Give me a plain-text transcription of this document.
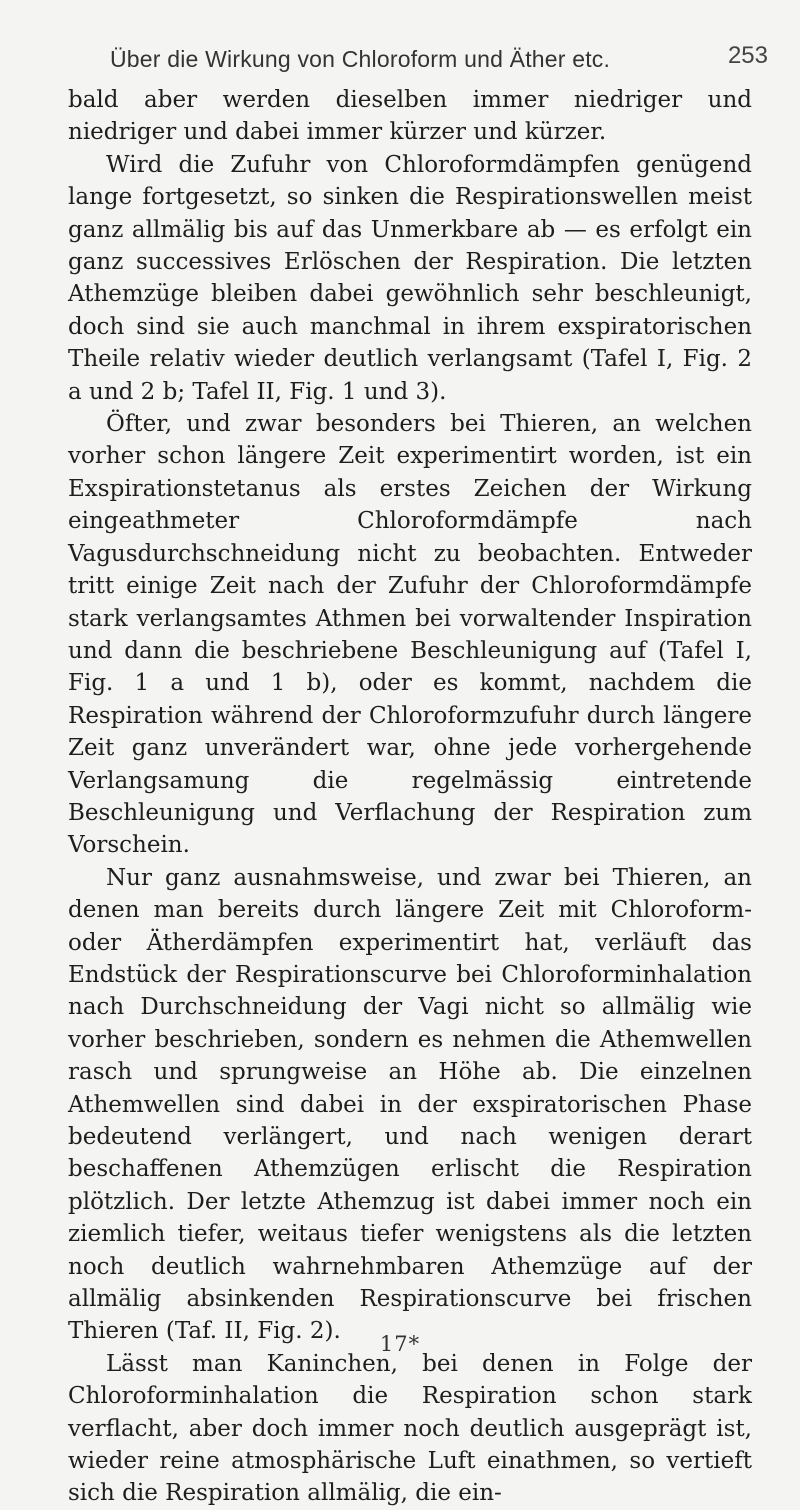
Über die Wirkung von Chloroform und Äther etc.	253

bald aber werden dieselben immer niedriger und niedriger und dabei immer kürzer und kürzer.

Wird die Zufuhr von Chloroformdämpfen genügend lange fortgesetzt, so sinken die Respirationswellen meist ganz allmälig bis auf das Unmerkbare ab — es erfolgt ein ganz successives Erlöschen der Respiration. Die letzten Athemzüge bleiben dabei gewöhnlich sehr beschleunigt, doch sind sie auch manchmal in ihrem exspiratorischen Theile relativ wieder deutlich verlangsamt (Tafel I, Fig. 2 a und 2 b; Tafel II, Fig. 1 und 3).

Öfter, und zwar besonders bei Thieren, an welchen vorher schon längere Zeit experimentirt worden, ist ein Exspirationstetanus als erstes Zeichen der Wirkung eingeathmeter Chloroformdämpfe nach Vagusdurchschneidung nicht zu beobachten. Entweder tritt einige Zeit nach der Zufuhr der Chloroformdämpfe stark verlangsamtes Athmen bei vorwaltender Inspiration und dann die beschriebene Beschleunigung auf (Tafel I, Fig. 1 a und 1 b), oder es kommt, nachdem die Respiration während der Chloroformzufuhr durch längere Zeit ganz unverändert war, ohne jede vorhergehende Verlangsamung die regelmässig eintretende Beschleunigung und Verflachung der Respiration zum Vorschein.

Nur ganz ausnahmsweise, und zwar bei Thieren, an denen man bereits durch längere Zeit mit Chloroform- oder Ätherdämpfen experimentirt hat, verläuft das Endstück der Respirationscurve bei Chloroforminhalation nach Durchschneidung der Vagi nicht so allmälig wie vorher beschrieben, sondern es nehmen die Athemwellen rasch und sprungweise an Höhe ab. Die einzelnen Athemwellen sind dabei in der exspiratorischen Phase bedeutend verlängert, und nach wenigen derart beschaffenen Athemzügen erlischt die Respiration plötzlich. Der letzte Athemzug ist dabei immer noch ein ziemlich tiefer, weitaus tiefer wenigstens als die letzten noch deutlich wahrnehmbaren Athemzüge auf der allmälig absinkenden Respirationscurve bei frischen Thieren (Taf. II, Fig. 2).

Lässt man Kaninchen, bei denen in Folge der Chloroforminhalation die Respiration schon stark verflacht, aber doch immer noch deutlich ausgeprägt ist, wieder reine atmosphärische Luft einathmen, so vertieft sich die Respiration allmälig, die ein-

17*
